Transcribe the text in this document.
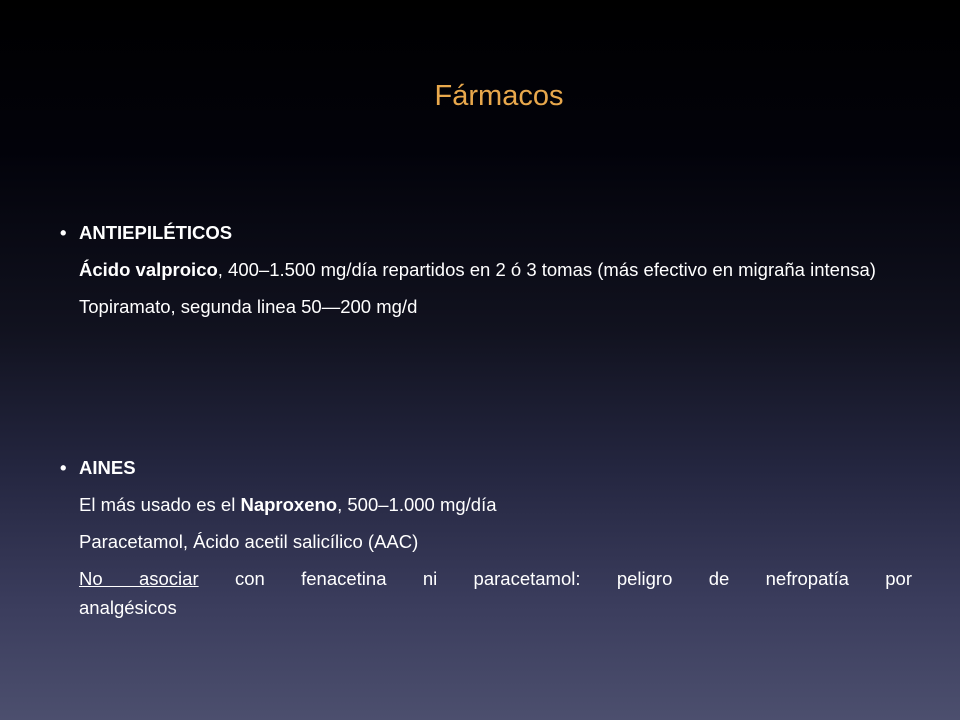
Fármacos
• ANTIEPILÉTICOS
Ácido valproico, 400–1.500 mg/día repartidos en 2 ó 3 tomas (más efectivo en migraña intensa)
Topiramato, segunda linea 50—200 mg/d
• AINES
El más usado es el Naproxeno, 500–1.000 mg/día
Paracetamol, Ácido acetil salicílico (AAC)
No asociar con fenacetina ni paracetamol: peligro de nefropatía por
analgésicos
